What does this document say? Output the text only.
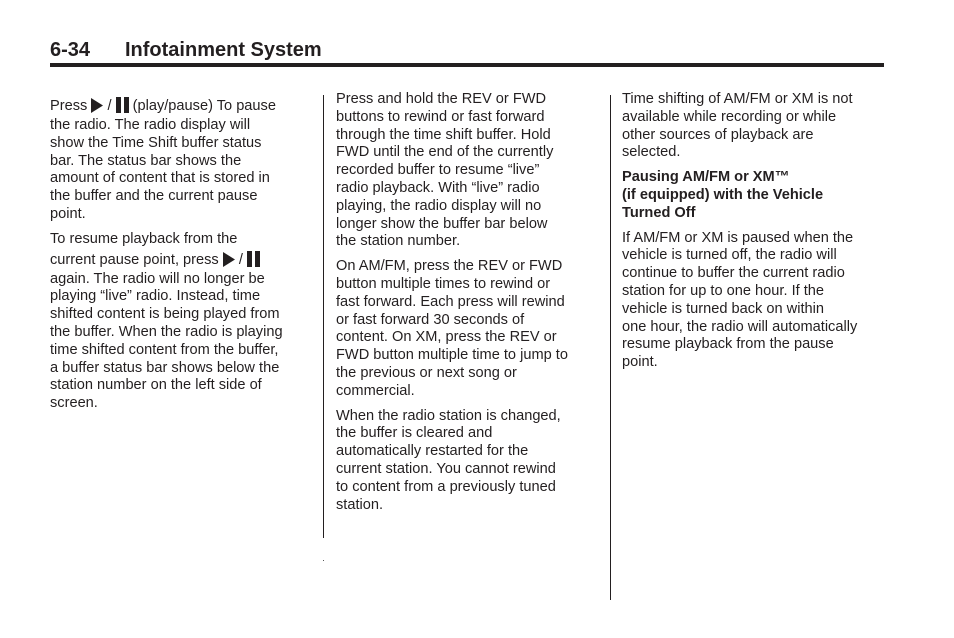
6-34 Infotainment System

Press / (play/pause) To pause
the radio. The radio display will
show the Time Shift buffer status
bar. The status bar shows the
amount of content that is stored in
the buffer and the current pause
point.

To resume playback from the
current pause point, press /
again. The radio will no longer be
playing “live” radio. Instead, time
shifted content is being played from
the buffer. When the radio is playing
time shifted content from the buffer,
a buffer status bar shows below the
station number on the left side of
screen.

Press and hold the REV or FWD
buttons to rewind or fast forward
through the time shift buffer. Hold
FWD until the end of the currently
recorded buffer to resume “live”
radio playback. With “live” radio
playing, the radio display will no
longer show the buffer bar below
the station number.

On AM/FM, press the REV or FWD
button multiple times to rewind or
fast forward. Each press will rewind
or fast forward 30 seconds of
content. On XM, press the REV or
FWD button multiple time to jump to
the previous or next song or
commercial.

When the radio station is changed,
the buffer is cleared and
automatically restarted for the
current station. You cannot rewind
to content from a previously tuned
station.

Time shifting of AM/FM or XM is not
available while recording or while
other sources of playback are
selected.

Pausing AM/FM or XM™
(if equipped) with the Vehicle
Turned Off

If AM/FM or XM is paused when the
vehicle is turned off, the radio will
continue to buffer the current radio
station for up to one hour. If the
vehicle is turned back on within
one hour, the radio will automatically
resume playback from the pause
point.
